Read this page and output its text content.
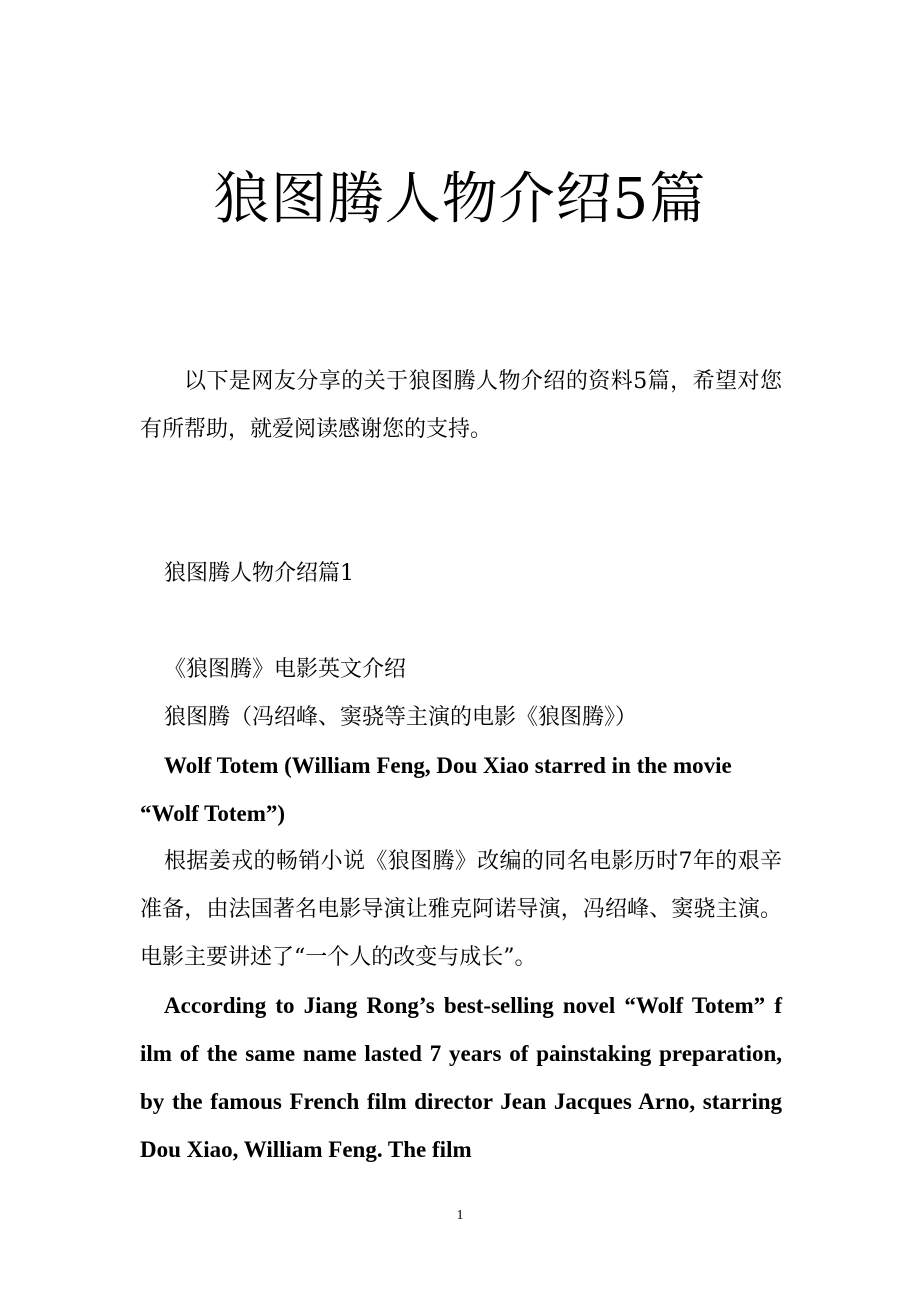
狼图腾人物介绍5篇
以下是网友分享的关于狼图腾人物介绍的资料5篇，希望对您有所帮助，就爱阅读感谢您的支持。
狼图腾人物介绍篇1
《狼图腾》电影英文介绍
狼图腾（冯绍峰、窦骁等主演的电影《狼图腾》）
Wolf Totem (William Feng, Dou Xiao starred in the movie “Wolf Totem”)
根据姜戎的畅销小说《狼图腾》改编的同名电影历时7年的艰辛准备，由法国著名电影导演让雅克阿诺导演，冯绍峰、窦骁主演。电影主要讲述了“一个人的改变与成长”。
According to Jiang Rong’s best-selling novel “Wolf Totem” f ilm of the same name lasted 7 years of painstaking preparation, by the famous French film director Jean Jacques Arno, starring Dou Xiao, William Feng. The film
1
